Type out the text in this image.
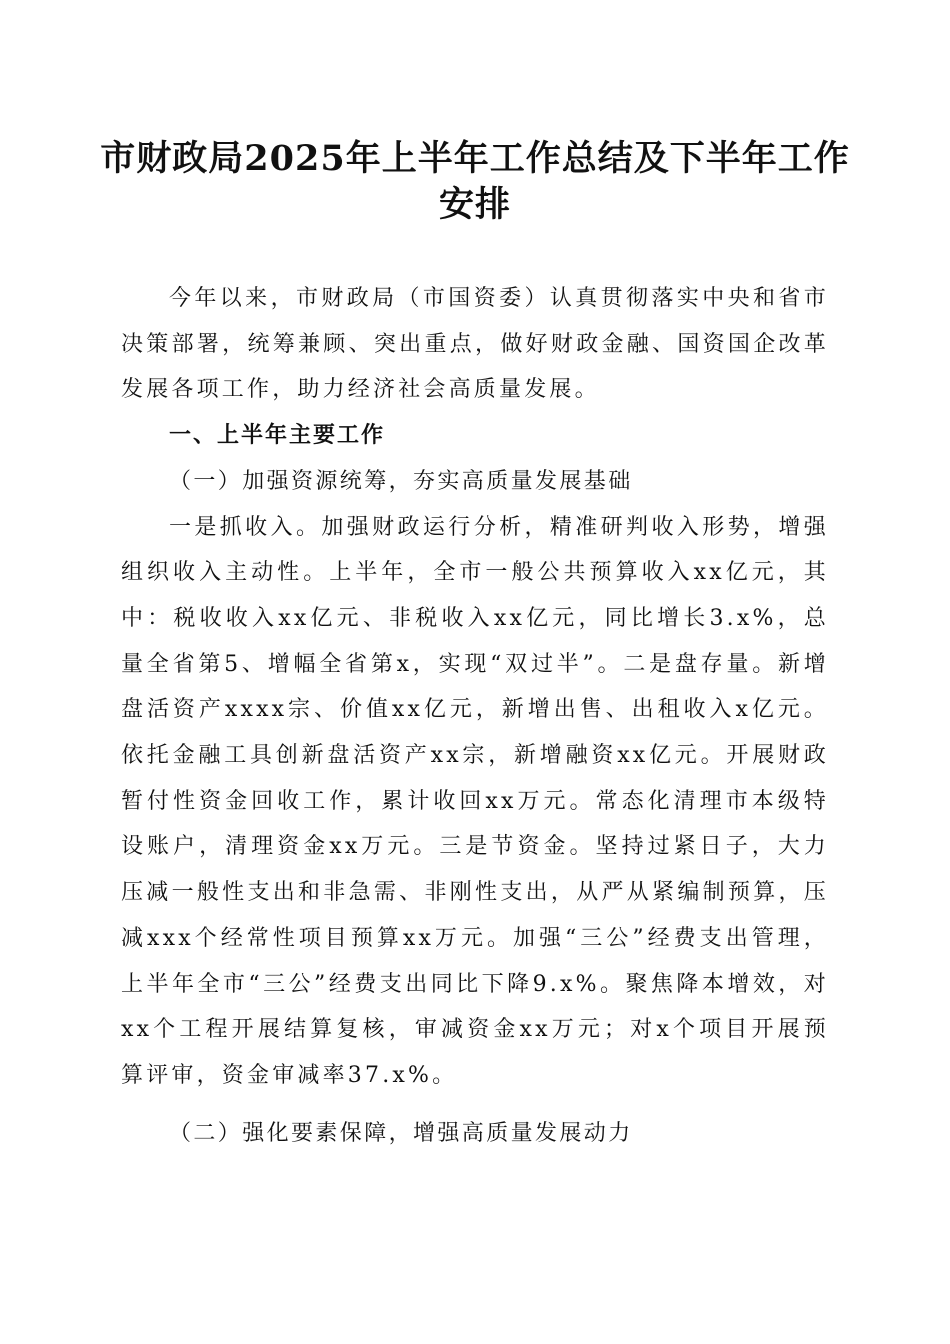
市财政局2025年上半年工作总结及下半年工作安排

今年以来，市财政局（市国资委）认真贯彻落实中央和省市决策部署，统筹兼顾、突出重点，做好财政金融、国资国企改革发展各项工作，助力经济社会高质量发展。

一、上半年主要工作

（一）加强资源统筹，夯实高质量发展基础

一是抓收入。加强财政运行分析，精准研判收入形势，增强组织收入主动性。上半年，全市一般公共预算收入xx亿元，其中：税收收入xx亿元、非税收入xx亿元，同比增长3.x%，总量全省第5、增幅全省第x，实现“双过半”。二是盘存量。新增盘活资产xxxx宗、价值xx亿元，新增出售、出租收入x亿元。依托金融工具创新盘活资产xx宗，新增融资xx亿元。开展财政暂付性资金回收工作，累计收回xx万元。常态化清理市本级特设账户，清理资金xx万元。三是节资金。坚持过紧日子，大力压减一般性支出和非急需、非刚性支出，从严从紧编制预算，压减xxx个经常性项目预算xx万元。加强“三公”经费支出管理，上半年全市“三公”经费支出同比下降9.x%。聚焦降本增效，对xx个工程开展结算复核，审减资金xx万元；对x个项目开展预算评审，资金审减率37.x%。

（二）强化要素保障，增强高质量发展动力
